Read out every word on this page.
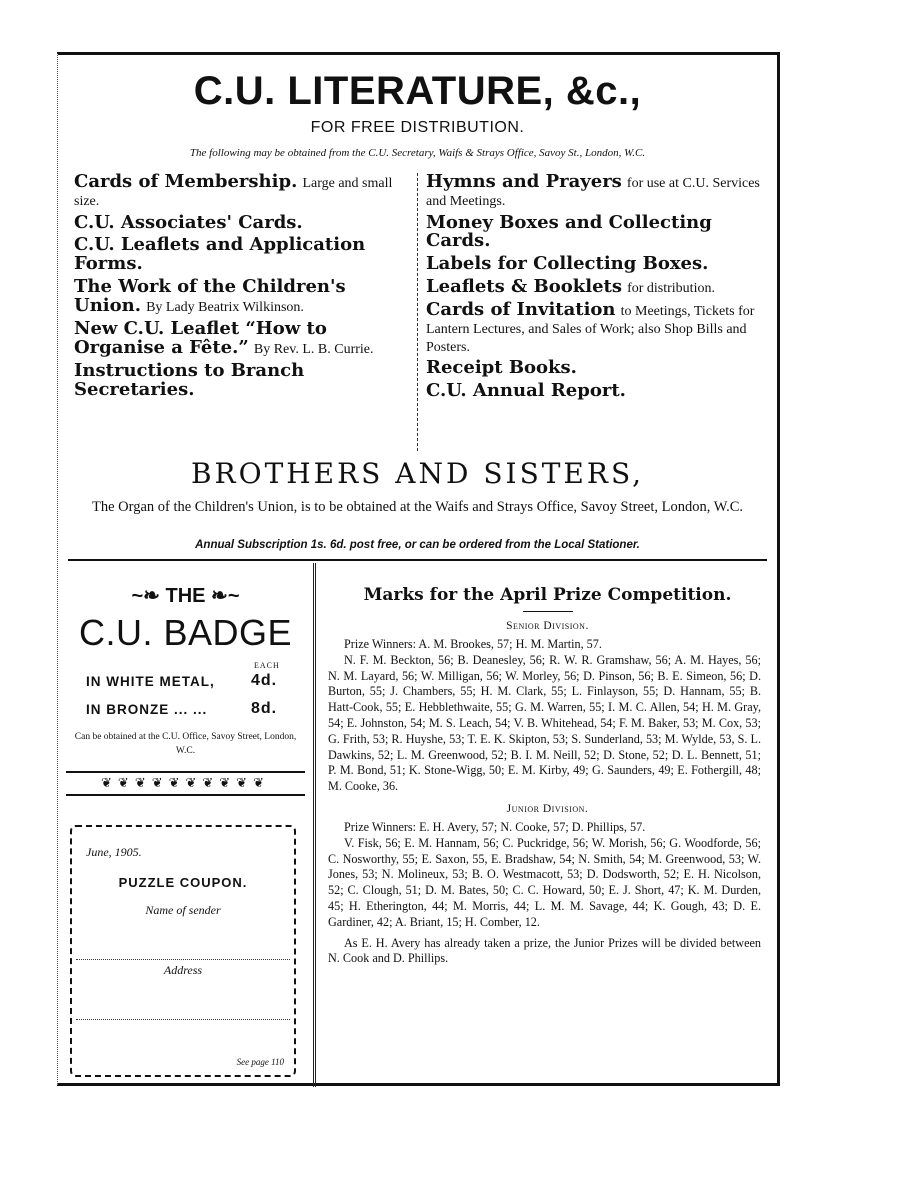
C.U. LITERATURE, &c.,
FOR FREE DISTRIBUTION.
The following may be obtained from the C.U. Secretary, Waifs & Strays Office, Savoy St., London, W.C.
Cards of Membership. Large and small size.
C.U. Associates' Cards.
C.U. Leaflets and Application Forms.
The Work of the Children's Union. By Lady Beatrix Wilkinson.
New C.U. Leaflet “How to Organise a Fête.” By Rev. L. B. Currie.
Instructions to Branch Secretaries.
Hymns and Prayers for use at C.U. Services and Meetings.
Money Boxes and Collecting Cards.
Labels for Collecting Boxes.
Leaflets & Booklets for distribution.
Cards of Invitation to Meetings, Tickets for Lantern Lectures, and Sales of Work; also Shop Bills and Posters.
Receipt Books.
C.U. Annual Report.
BROTHERS AND SISTERS,
The Organ of the Children's Union, is to be obtained at the Waifs and Strays Office, Savoy Street, London, W.C.
Annual Subscription 1s. 6d. post free, or can be ordered from the Local Stationer.
~❧ THE ❧~
C.U. BADGE
IN WHITE METAL,
EACH
4d.
IN BRONZE ... ...	8d.
Can be obtained at the C.U. Office, Savoy Street, London, W.C.
❦❦❦❦❦❦❦❦❦❦
June, 1905.
PUZZLE COUPON.
Name of sender
Address
See page 110
Marks for the April Prize Competition.
Senior Division.
Prize Winners: A. M. Brookes, 57; H. M. Martin, 57.
N. F. M. Beckton, 56; B. Deanesley, 56; R. W. R. Gramshaw, 56; A. M. Hayes, 56; N. M. Layard, 56; W. Milligan, 56; W. Morley, 56; D. Pinson, 56; B. E. Simeon, 56; D. Burton, 55; J. Chambers, 55; H. M. Clark, 55; L. Finlayson, 55; D. Hannam, 55; B. Hatt-Cook, 55; E. Hebblethwaite, 55; G. M. Warren, 55; I. M. C. Allen, 54; H. M. Gray, 54; E. Johnston, 54; M. S. Leach, 54; V. B. Whitehead, 54; F. M. Baker, 53; M. Cox, 53; G. Frith, 53; R. Huyshe, 53; T. E. K. Skipton, 53; S. Sunderland, 53; M. Wylde, 53, S. L. Dawkins, 52; L. M. Greenwood, 52; B. I. M. Neill, 52; D. Stone, 52; D. L. Bennett, 51; P. M. Bond, 51; K. Stone-Wigg, 50; E. M. Kirby, 49; G. Saunders, 49; E. Fothergill, 48; M. Cooke, 36.
Junior Division.
Prize Winners: E. H. Avery, 57; N. Cooke, 57; D. Phillips, 57.
V. Fisk, 56; E. M. Hannam, 56; C. Puckridge, 56; W. Morish, 56; G. Woodforde, 56; C. Nosworthy, 55; E. Saxon, 55, E. Bradshaw, 54; N. Smith, 54; M. Greenwood, 53; W. Jones, 53; N. Molineux, 53; B. O. Westmacott, 53; D. Dodsworth, 52; E. H. Nicolson, 52; C. Clough, 51; D. M. Bates, 50; C. C. Howard, 50; E. J. Short, 47; K. M. Durden, 45; H. Etherington, 44; M. Morris, 44; L. M. M. Savage, 44; K. Gough, 43; D. E. Gardiner, 42; A. Briant, 15; H. Comber, 12.
As E. H. Avery has already taken a prize, the Junior Prizes will be divided between N. Cook and D. Phillips.
